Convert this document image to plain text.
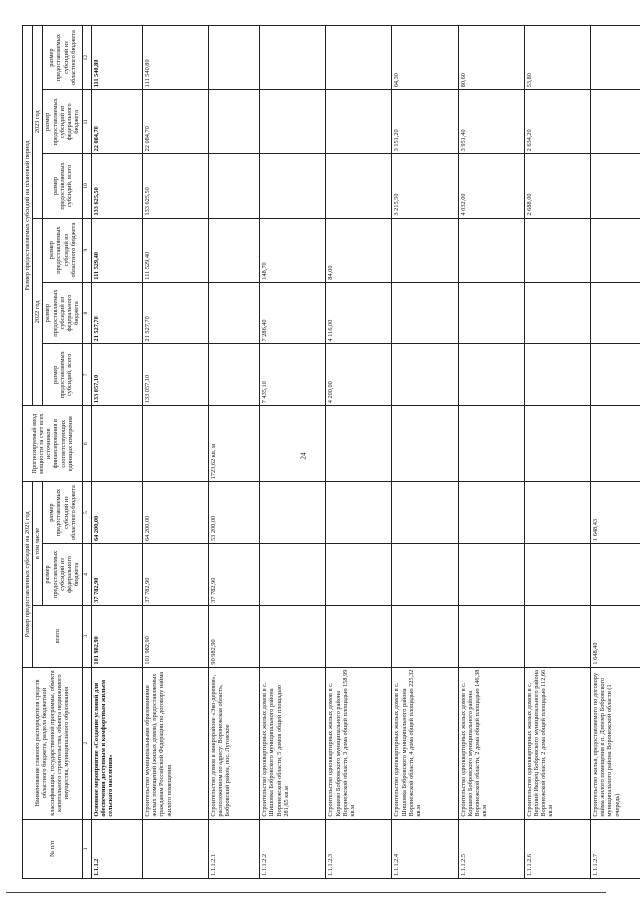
24
№ п/п	Наименование главного распорядителя средств областного бюджета, раздела бюджетной классификации, государственной программы, объекта капитального строительства, объекта недвижимого имущества, муниципального образования	Размер предоставленных субсидий на 2021 год			Прогнозируемый ввод мощности за счет всех источников финансирования в соответствующих единицах измерения	Размер предоставляемых субсидий на плановый период					
		всего	в том числе			2022 год			2023 год		
			размер предоставляемых субсидий из федерального бюджета	размер предоставляемых субсидий из областного бюджета		размер предоставляемых субсидий, всего	размер предоставляемых субсидий из федерального бюджета	размер предоставляемых субсидий из областного бюджета	размер предоставляемых субсидий, всего	размер предоставляемых субсидий из федерального бюджета	размер предоставляемых субсидий из областного бюджета

1	2	3	4	5	6	7	8	9	10	11	12
1.1.1.2	Основное мероприятие «Создание условий для обеспечения доступным и комфортным жильем сельского населения»	101 982,90	37 782,90	64 200,00		133 057,10	21 527,70	111 529,40	133 625,50	22 084,70	111 540,80
	Строительство муниципальными образованиями жилых помещений (жилых домов), предоставляемых гражданам Российской Федерации по договору найма жилого помещения	101 982,90	37 782,90	64 200,00		133 057,10	21 527,70	111 529,40	133 625,50	22 084,70	111 540,80
1.1.1.2.1	Строительство домов в микрорайоне «Эко-деревня», расположенном по адресу: Воронежская область, Бобровский район, пос. Луговское	90 982,90	37 782,90	53 200,00	1723,62 кв. м						
1.1.1.2.2	Строительство одноквартирных жилых домов в с. Шишовка Бобровского муниципального района Воронежской области, 5 домов общей площадью 281,65 кв.м					7 435,10	7 286,40	148,70			
1.1.1.2.3	Строительство одноквартирных жилых домов в с. Коршево Бобровского муниципального района Воронежской области, 3 дома общей площадью 158,99 кв.м					4 200,00	4 116,00	84,00			
1.1.1.2.4	Строительство одноквартирных жилых домов в с. Шишовка Бобровского муниципального района Воронежской области, 4 дома общей площадью 225,32 кв.м								3 215,50	3 151,20	64,30
1.1.1.2.5	Строительство одноквартирных жилых домов в с. Коршево Бобровского муниципального района Воронежской области, 2 дома общей площадью 146,38 кв.м								4 032,00	3 951,40	80,60
1.1.1.2.6	Строительство одноквартирных жилых домов в с. Верхний Икорец Бобровского муниципального района Воронежской области, 2 дома общей площадью 112,66 кв.м								2 688,00	2 634,20	53,80
1.1.1.2.7	Строительство жилья, предоставляемого по договору найма жилого помещения в п. Дзензер Бобровского муниципального района Воронежской области (1 очередь)	1 648,40		1 648,43							
